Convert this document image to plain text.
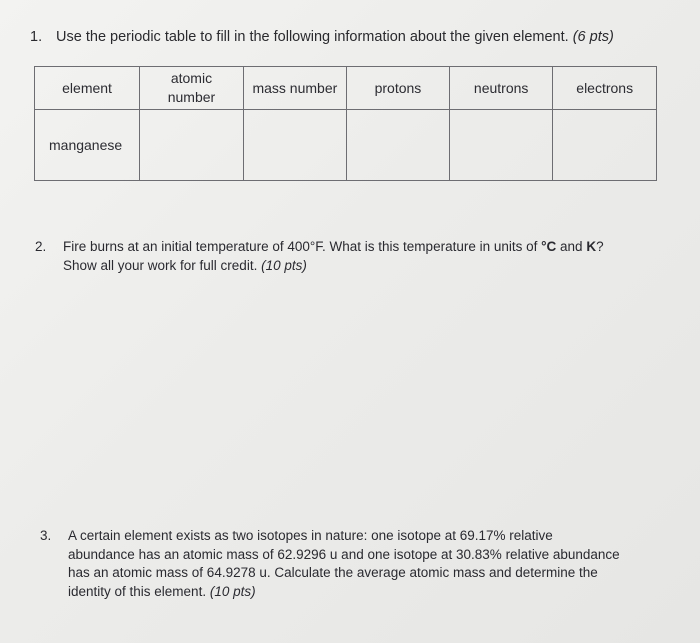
1. Use the periodic table to fill in the following information about the given element. (6 pts)
element	atomic number	mass number	protons	neutrons	electrons
manganese					
2.	Fire burns at an initial temperature of 400°F. What is this temperature in units of °C and K?
Show all your work for full credit. (10 pts)
3.	A certain element exists as two isotopes in nature: one isotope at 69.17% relative
abundance has an atomic mass of 62.9296 u and one isotope at 30.83% relative abundance
has an atomic mass of 64.9278 u. Calculate the average atomic mass and determine the
identity of this element. (10 pts)
